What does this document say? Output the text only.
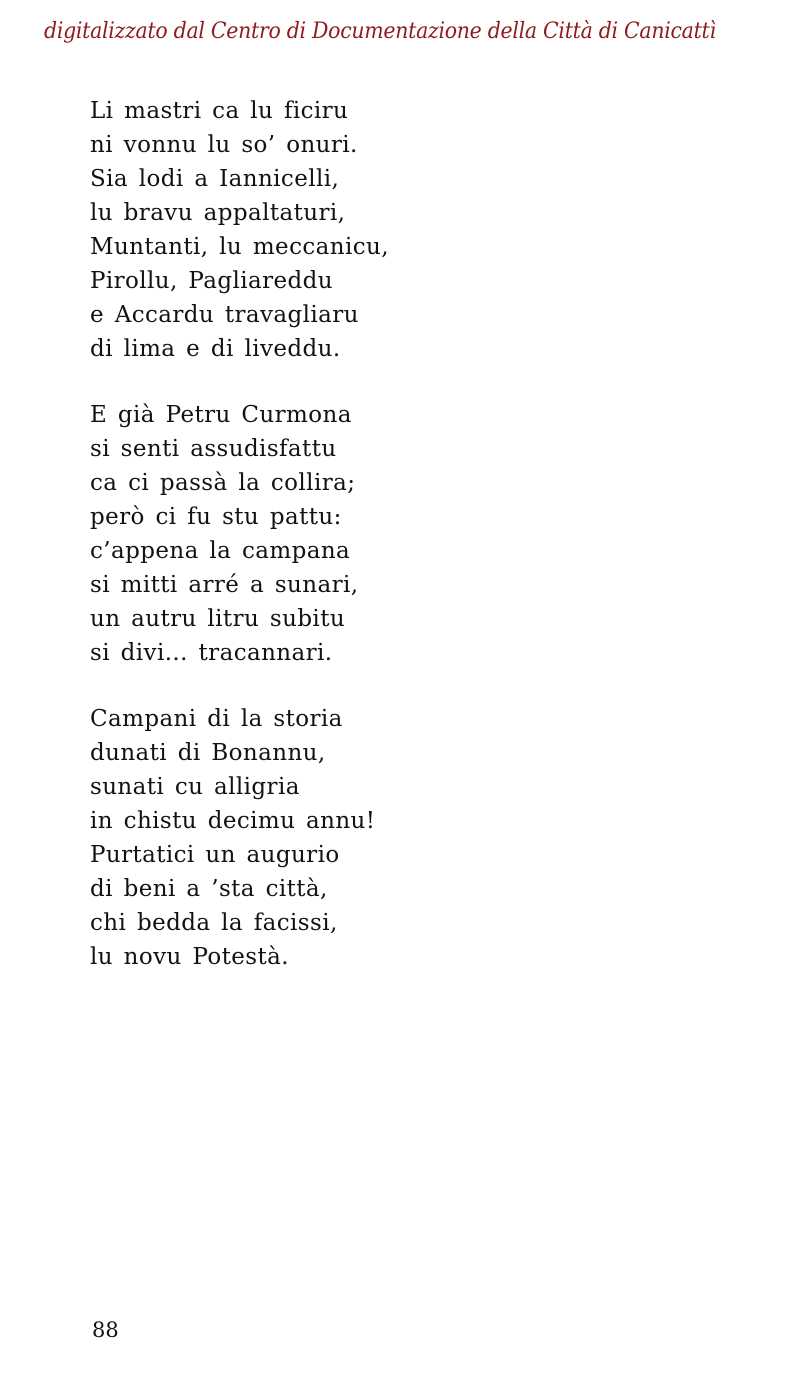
digitalizzato dal Centro di Documentazione della Città di Canicattì
Li mastri ca lu ficiru
ni vonnu lu so’ onuri.
Sia lodi a Iannicelli,
lu bravu appaltaturi,
Muntanti, lu meccanicu,
Pirollu, Pagliareddu
e Accardu travagliaru
di lima e di liveddu.
E già Petru Curmona
si senti assudisfattu
ca ci passà la collira;
però ci fu stu pattu:
c’appena la campana
si mitti arré a sunari,
un autru litru subitu
si divi... tracannari.
Campani di la storia
dunati di Bonannu,
sunati cu alligria
in chistu decimu annu!
Purtatici un augurio
di beni a ’sta città,
chi bedda la facissi,
lu novu Potestà.
88
